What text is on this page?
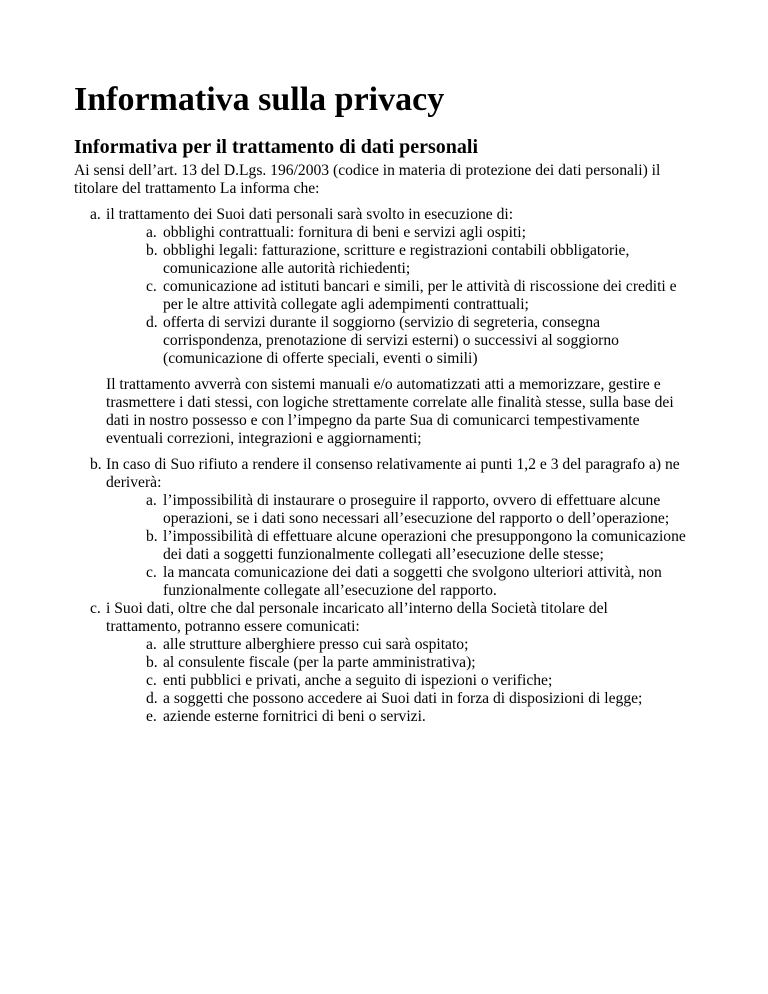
Informativa sulla privacy
Informativa per il trattamento di dati personali
Ai sensi dell’art. 13 del D.Lgs. 196/2003 (codice in materia di protezione dei dati personali) il
titolare del trattamento La informa che:
a. il trattamento dei Suoi dati personali sarà svolto in esecuzione di:
a. obblighi contrattuali: fornitura di beni e servizi agli ospiti;
b. obblighi legali: fatturazione, scritture e registrazioni contabili obbligatorie,
comunicazione alle autorità richiedenti;
c. comunicazione ad istituti bancari e simili, per le attività di riscossione dei crediti e
per le altre attività collegate agli adempimenti contrattuali;
d. offerta di servizi durante il soggiorno (servizio di segreteria, consegna
corrispondenza, prenotazione di servizi esterni) o successivi al soggiorno
(comunicazione di offerte speciali, eventi o simili)
Il trattamento avverrà con sistemi manuali e/o automatizzati atti a memorizzare, gestire e
trasmettere i dati stessi, con logiche strettamente correlate alle finalità stesse, sulla base dei
dati in nostro possesso e con l’impegno da parte Sua di comunicarci tempestivamente
eventuali correzioni, integrazioni e aggiornamenti;
b. In caso di Suo rifiuto a rendere il consenso relativamente ai punti 1,2 e 3 del paragrafo a) ne
deriverà:
a. l’impossibilità di instaurare o proseguire il rapporto, ovvero di effettuare alcune
operazioni, se i dati sono necessari all’esecuzione del rapporto o dell’operazione;
b. l’impossibilità di effettuare alcune operazioni che presuppongono la comunicazione
dei dati a soggetti funzionalmente collegati all’esecuzione delle stesse;
c. la mancata comunicazione dei dati a soggetti che svolgono ulteriori attività, non
funzionalmente collegate all’esecuzione del rapporto.
c. i Suoi dati, oltre che dal personale incaricato all’interno della Società titolare del
trattamento, potranno essere comunicati:
a. alle strutture alberghiere presso cui sarà ospitato;
b. al consulente fiscale (per la parte amministrativa);
c. enti pubblici e privati, anche a seguito di ispezioni o verifiche;
d. a soggetti che possono accedere ai Suoi dati in forza di disposizioni di legge;
e. aziende esterne fornitrici di beni o servizi.
